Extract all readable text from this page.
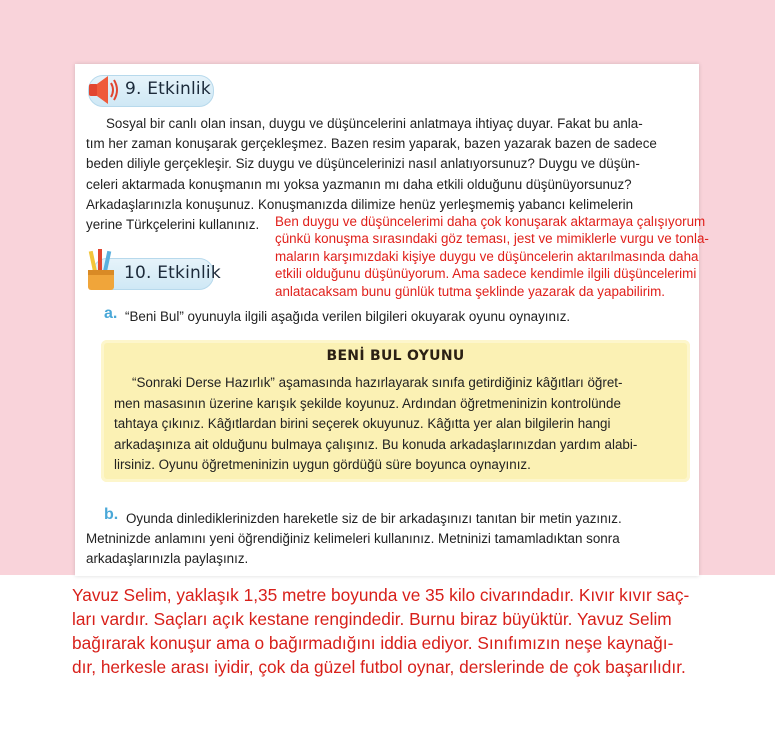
9. Etkinlik
Sosyal bir canlı olan insan, duygu ve düşüncelerini anlatmaya ihtiyaç duyar. Fakat bu anla-
tım her zaman konuşarak gerçekleşmez. Bazen resim yaparak, bazen yazarak bazen de sadece
beden diliyle gerçekleşir. Siz duygu ve düşüncelerinizi nasıl anlatıyorsunuz? Duygu ve düşün-
celeri aktarmada konuşmanın mı yoksa yazmanın mı daha etkili olduğunu düşünüyorsunuz?
Arkadaşlarınızla konuşunuz. Konuşmanızda dilimize henüz yerleşmemiş yabancı kelimelerin
yerine Türkçelerini kullanınız.
10. Etkinlik
Ben duygu ve düşüncelerimi daha çok konuşarak aktarmaya çalışıyorum
çünkü konuşma sırasındaki göz teması, jest ve mimiklerle vurgu ve tonla-
maların karşımızdaki kişiye duygu ve düşüncelerin aktarılmasında daha
etkili olduğunu düşünüyorum. Ama sadece kendimle ilgili düşüncelerimi
anlatacaksam bunu günlük tutma şeklinde yazarak da yapabilirim.
a. “Beni Bul” oyunuyla ilgili aşağıda verilen bilgileri okuyarak oyunu oynayınız.
BENİ BUL OYUNU
“Sonraki Derse Hazırlık” aşamasında hazırlayarak sınıfa getirdiğiniz kâğıtları öğret-
men masasının üzerine karışık şekilde koyunuz. Ardından öğretmeninizin kontrolünde
tahtaya çıkınız. Kâğıtlardan birini seçerek okuyunuz. Kâğıtta yer alan bilgilerin hangi
arkadaşınıza ait olduğunu bulmaya çalışınız. Bu konuda arkadaşlarınızdan yardım alabi-
lirsiniz. Oyunu öğretmeninizin uygun gördüğü süre boyunca oynayınız.
b. Oyunda dinlediklerinizden hareketle siz de bir arkadaşınızı tanıtan bir metin yazınız.
Metninizde anlamını yeni öğrendiğiniz kelimeleri kullanınız. Metninizi tamamladıktan sonra
arkadaşlarınızla paylaşınız.
Yavuz Selim, yaklaşık 1,35 metre boyunda ve 35 kilo civarındadır. Kıvır kıvır saç-
ları vardır. Saçları açık kestane rengindedir. Burnu biraz büyüktür. Yavuz Selim
bağırarak konuşur ama o bağırmadığını iddia ediyor. Sınıfımızın neşe kaynağı-
dır, herkesle arası iyidir, çok da güzel futbol oynar, derslerinde de çok başarılıdır.
